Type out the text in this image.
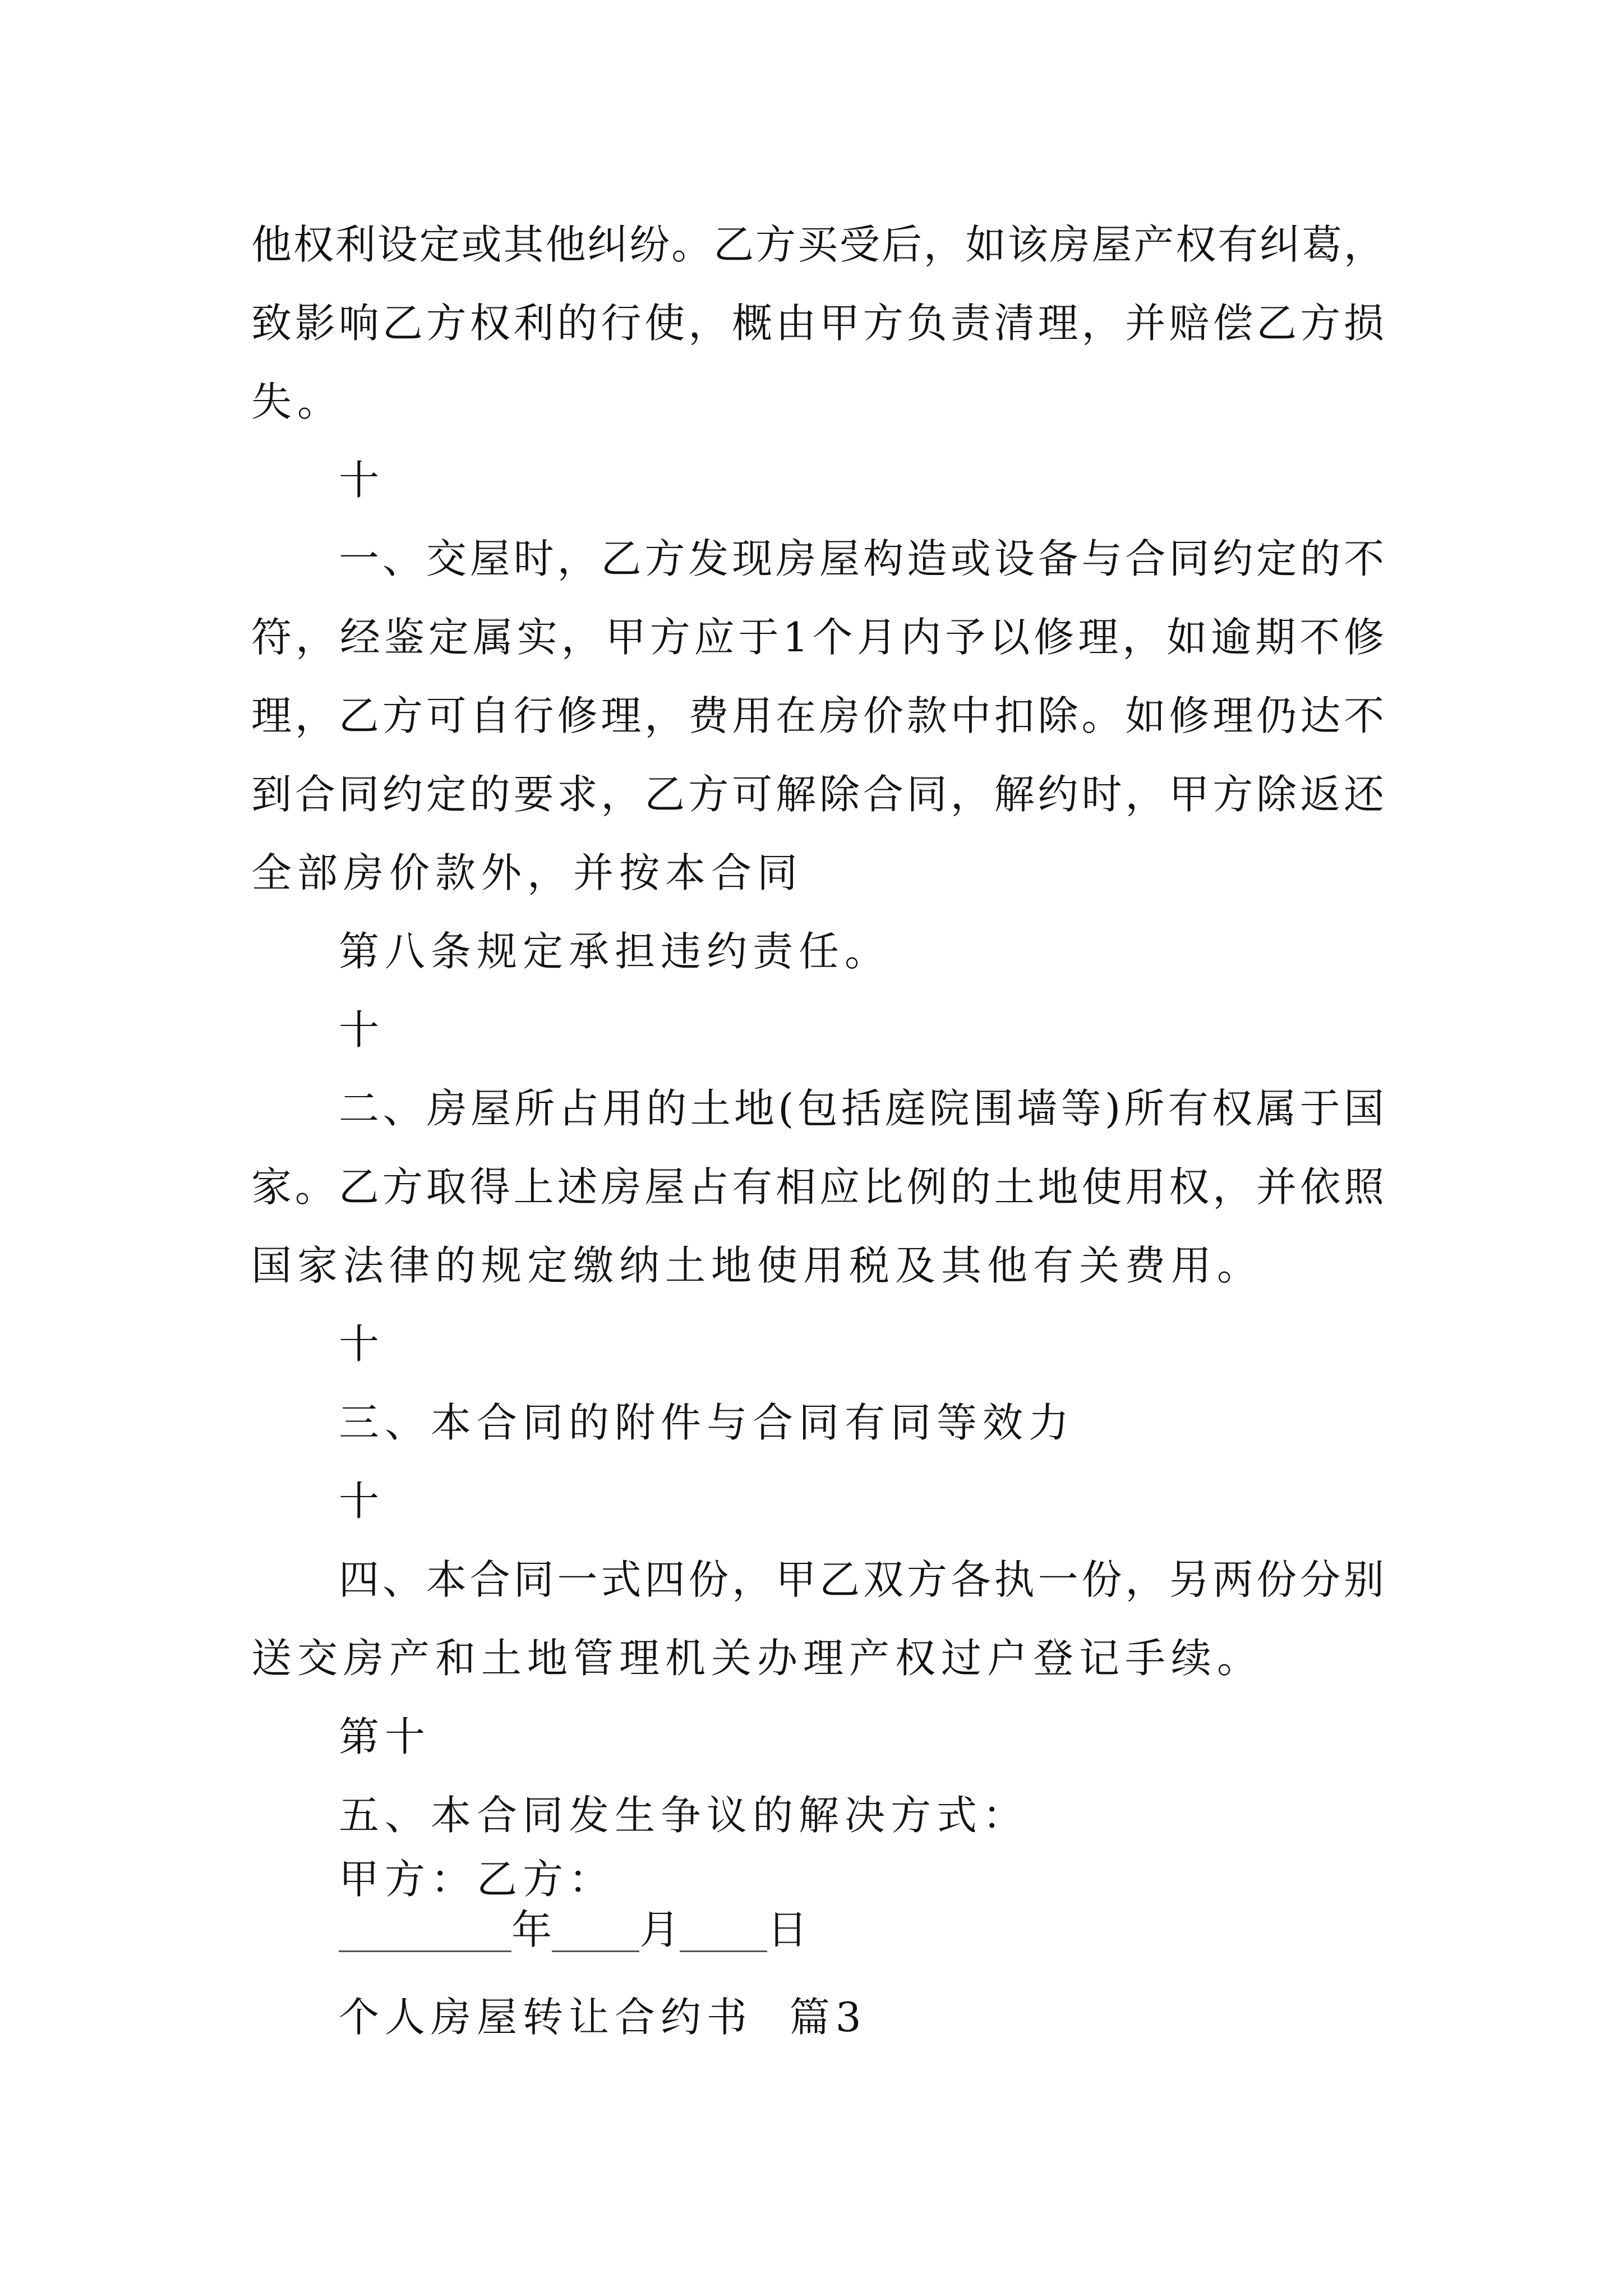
他权利设定或其他纠纷。乙方买受后，如该房屋产权有纠葛，
致影响乙方权利的行使，概由甲方负责清理，并赔偿乙方损
失。
十
一、交屋时，乙方发现房屋构造或设备与合同约定的不
符，经鉴定属实，甲方应于1个月内予以修理，如逾期不修
理，乙方可自行修理，费用在房价款中扣除。如修理仍达不
到合同约定的要求，乙方可解除合同，解约时，甲方除返还
全部房价款外，并按本合同
第八条规定承担违约责任。
十
二、房屋所占用的土地(包括庭院围墙等)所有权属于国
家。乙方取得上述房屋占有相应比例的土地使用权，并依照
国家法律的规定缴纳土地使用税及其他有关费用。
十
三、本合同的附件与合同有同等效力
十
四、本合同一式四份，甲乙双方各执一份，另两份分别
送交房产和土地管理机关办理产权过户登记手续。
第十
五、本合同发生争议的解决方式：
甲方：乙方：
年 月 日
个人房屋转让合约书  篇3
